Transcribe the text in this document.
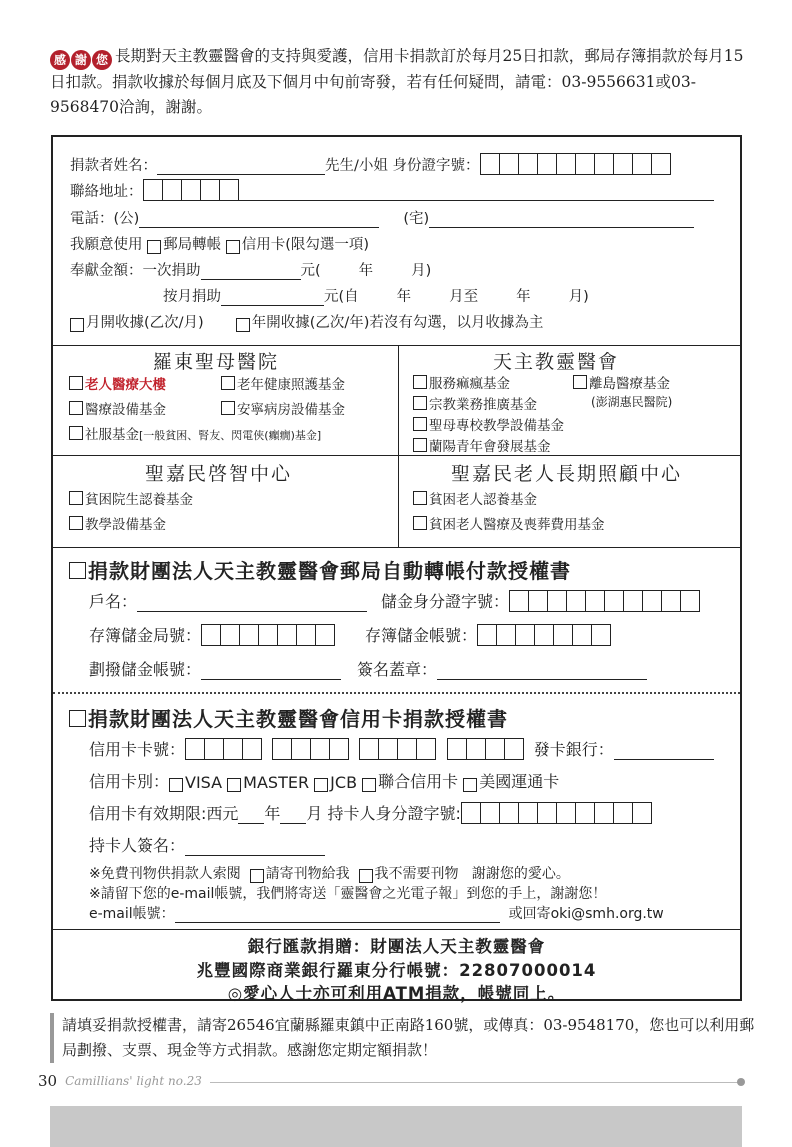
感 謝 您 長期對天主教靈醫會的支持與愛護，信用卡捐款訂於每月25日扣款，郵局存簿捐款於每月15日扣款。捐款收據於每個月底及下個月中旬前寄發，若有任何疑問，請電：03-9556631或03-9568470洽詢，謝謝。
捐款者姓名：	先生/小姐
身份證字號：
聯絡地址：
電話：(公)	(宅)
我願意使用
郵局轉帳
信用卡(限勾選一項)
奉獻金額：一次捐助	元(	年	月)
按月捐助	元(自	年	月至	年	月)
月開收據(乙次/月)	年開收據(乙次/年)若沒有勾選，以月收據為主
羅東聖母醫院
老人醫療大樓	老年健康照護基金
醫療設備基金	安寧病房設備基金
社服基金[一般貧困、腎友、閃電俠(癲癇)基金]
天主教靈醫會
服務痲瘋基金	離島醫療基金
宗教業務推廣基金	(澎湖惠民醫院)
聖母專校教學設備基金
蘭陽青年會發展基金
聖嘉民啓智中心
貧困院生認養基金
教學設備基金
聖嘉民老人長期照顧中心
貧困老人認養基金
貧困老人醫療及喪葬費用基金
捐款財團法人天主教靈醫會郵局自動轉帳付款授權書
戶名：	儲金身分證字號：
存簿儲金局號：	存簿儲金帳號：
劃撥儲金帳號：	簽名蓋章：
捐款財團法人天主教靈醫會信用卡捐款授權書
信用卡卡號：

	發卡銀行：
信用卡別： VISA
MASTER
JCB
聯合信用卡
美國運通卡
信用卡有效期限:西元 年 月
持卡人身分證字號:
持卡人簽名：
※免費刊物供捐款人索閱
請寄刊物給我
我不需要刊物
謝謝您的愛心。
※請留下您的e-mail帳號，我們將寄送「靈醫會之光電子報」到您的手上，謝謝您！
e-mail帳號：
	或回寄oki@smh.org.tw
銀行匯款捐贈：財團法人天主教靈醫會
兆豐國際商業銀行羅東分行帳號：22807000014
◎愛心人士亦可利用ATM捐款，帳號同上。
請填妥捐款授權書，請寄26546宜蘭縣羅東鎮中正南路160號，或傳真：03-9548170，您也可以利用郵局劃撥、支票、現金等方式捐款。感謝您定期定額捐款！
30 Camillians' light no.23
